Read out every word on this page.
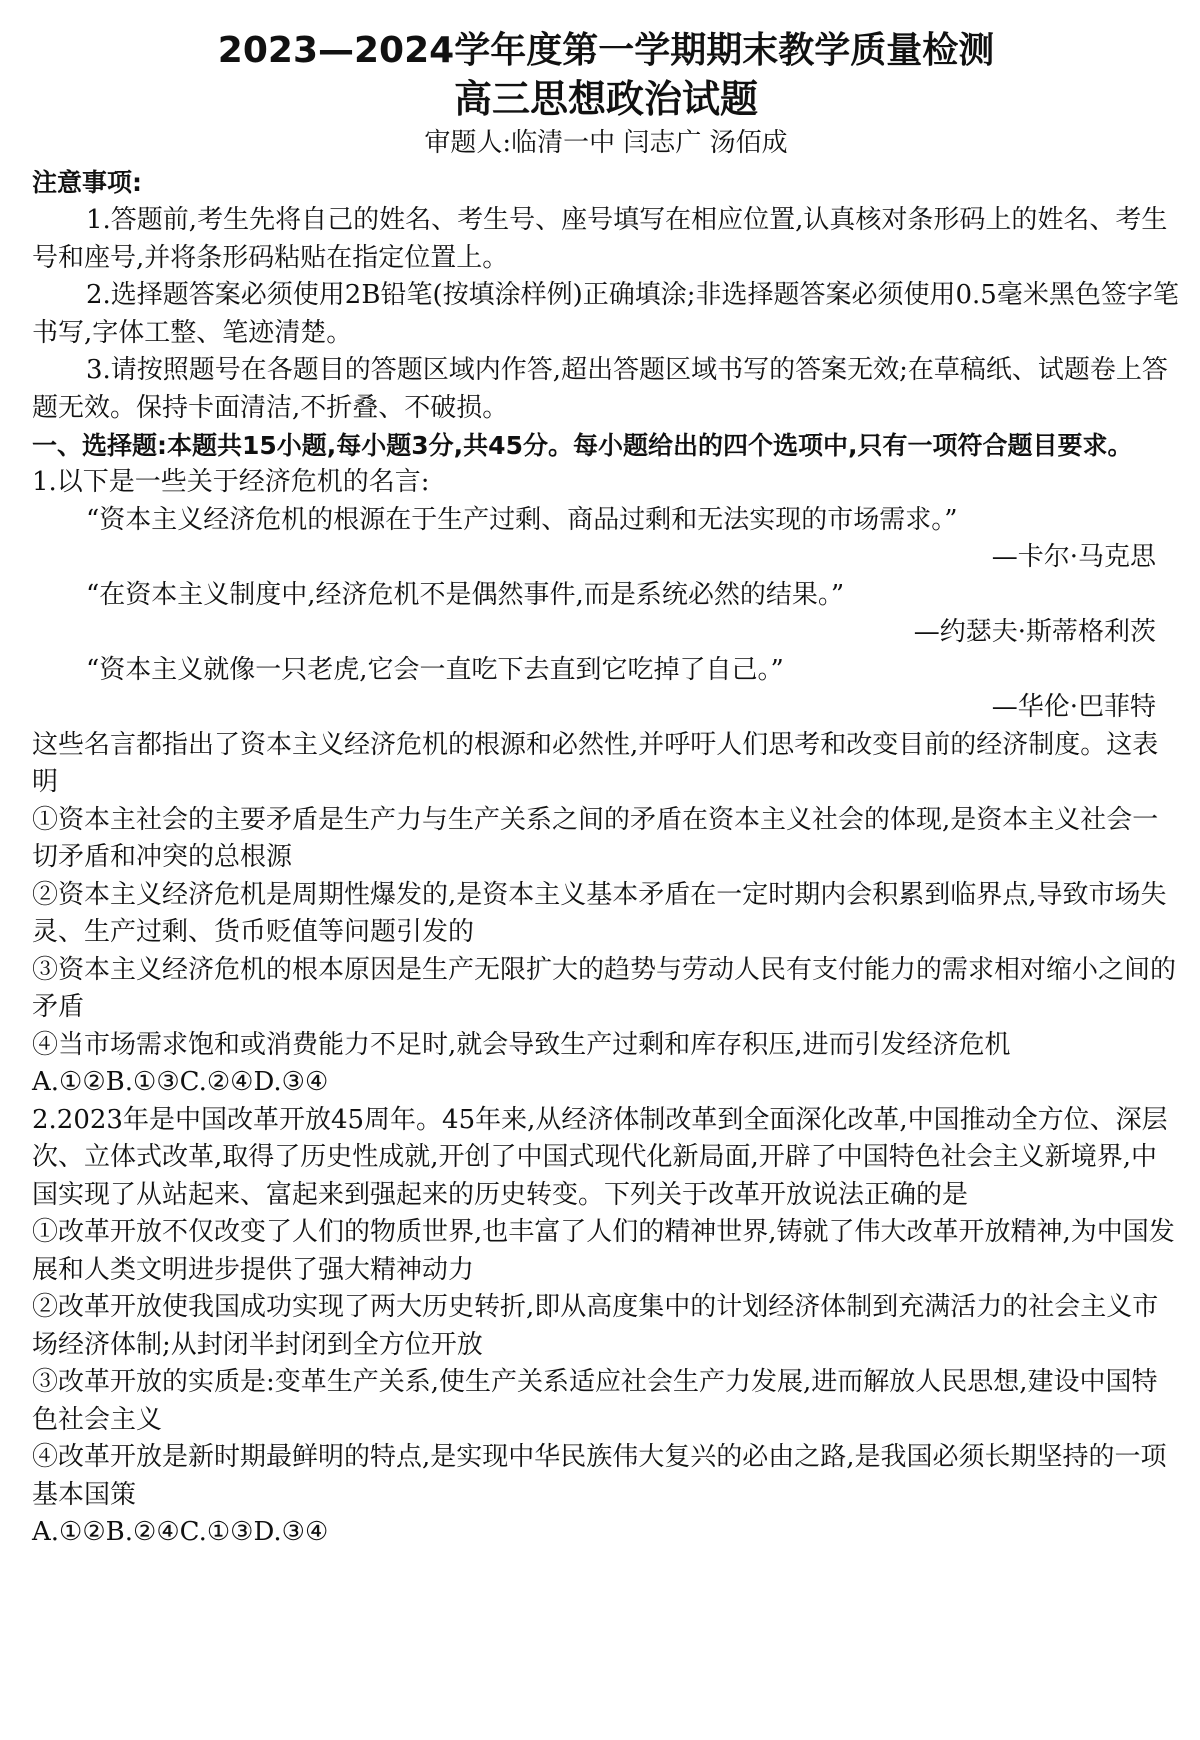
2023—2024学年度第一学期期末教学质量检测
高三思想政治试题

审题人:临清一中 闫志广 汤佰成

注意事项:

1.答题前,考生先将自己的姓名、考生号、座号填写在相应位置,认真核对条形码上的姓名、考生号和座号,并将条形码粘贴在指定位置上。

2.选择题答案必须使用2B铅笔(按填涂样例)正确填涂;非选择题答案必须使用0.5毫米黑色签字笔书写,字体工整、笔迹清楚。

3.请按照题号在各题目的答题区域内作答,超出答题区域书写的答案无效;在草稿纸、试题卷上答题无效。保持卡面清洁,不折叠、不破损。

一、选择题:本题共15小题,每小题3分,共45分。每小题给出的四个选项中,只有一项符合题目要求。

1.以下是一些关于经济危机的名言:

“资本主义经济危机的根源在于生产过剩、商品过剩和无法实现的市场需求。”

—卡尔·马克思

“在资本主义制度中,经济危机不是偶然事件,而是系统必然的结果。”

—约瑟夫·斯蒂格利茨

“资本主义就像一只老虎,它会一直吃下去直到它吃掉了自己。”

—华伦·巴菲特

这些名言都指出了资本主义经济危机的根源和必然性,并呼吁人们思考和改变目前的经济制度。这表明

①资本主社会的主要矛盾是生产力与生产关系之间的矛盾在资本主义社会的体现,是资本主义社会一切矛盾和冲突的总根源

②资本主义经济危机是周期性爆发的,是资本主义基本矛盾在一定时期内会积累到临界点,导致市场失灵、生产过剩、货币贬值等问题引发的

③资本主义经济危机的根本原因是生产无限扩大的趋势与劳动人民有支付能力的需求相对缩小之间的矛盾

④当市场需求饱和或消费能力不足时,就会导致生产过剩和库存积压,进而引发经济危机

A.①②B.①③C.②④D.③④

2.2023年是中国改革开放45周年。45年来,从经济体制改革到全面深化改革,中国推动全方位、深层次、立体式改革,取得了历史性成就,开创了中国式现代化新局面,开辟了中国特色社会主义新境界,中国实现了从站起来、富起来到强起来的历史转变。下列关于改革开放说法正确的是

①改革开放不仅改变了人们的物质世界,也丰富了人们的精神世界,铸就了伟大改革开放精神,为中国发展和人类文明进步提供了强大精神动力

②改革开放使我国成功实现了两大历史转折,即从高度集中的计划经济体制到充满活力的社会主义市场经济体制;从封闭半封闭到全方位开放

③改革开放的实质是:变革生产关系,使生产关系适应社会生产力发展,进而解放人民思想,建设中国特色社会主义

④改革开放是新时期最鲜明的特点,是实现中华民族伟大复兴的必由之路,是我国必须长期坚持的一项基本国策

A.①②B.②④C.①③D.③④
